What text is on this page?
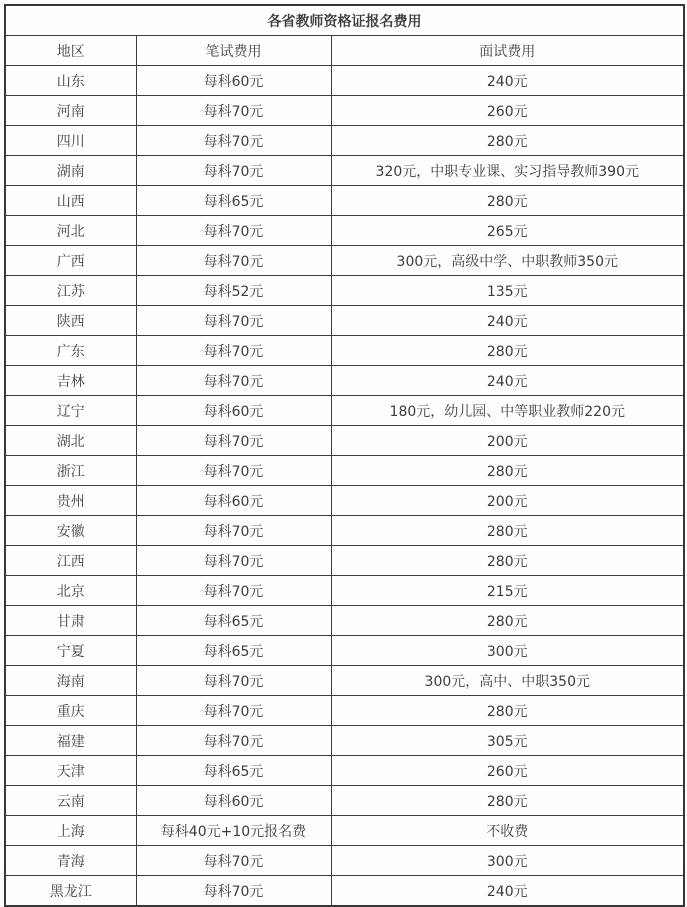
各省教师资格证报名费用		
地区	笔试费用	面试费用
山东	每科60元	240元
河南	每科70元	260元
四川	每科70元	280元
湖南	每科70元	320元，中职专业课、实习指导教师390元
山西	每科65元	280元
河北	每科70元	265元
广西	每科70元	300元，高级中学、中职教师350元
江苏	每科52元	135元
陕西	每科70元	240元
广东	每科70元	280元
吉林	每科70元	240元
辽宁	每科60元	180元，幼儿园、中等职业教师220元
湖北	每科70元	200元
浙江	每科70元	280元
贵州	每科60元	200元
安徽	每科70元	280元
江西	每科70元	280元
北京	每科70元	215元
甘肃	每科65元	280元
宁夏	每科65元	300元
海南	每科70元	300元，高中、中职350元
重庆	每科70元	280元
福建	每科70元	305元
天津	每科65元	260元
云南	每科60元	280元
上海	每科40元+10元报名费	不收费
青海	每科70元	300元
黑龙江	每科70元	240元
